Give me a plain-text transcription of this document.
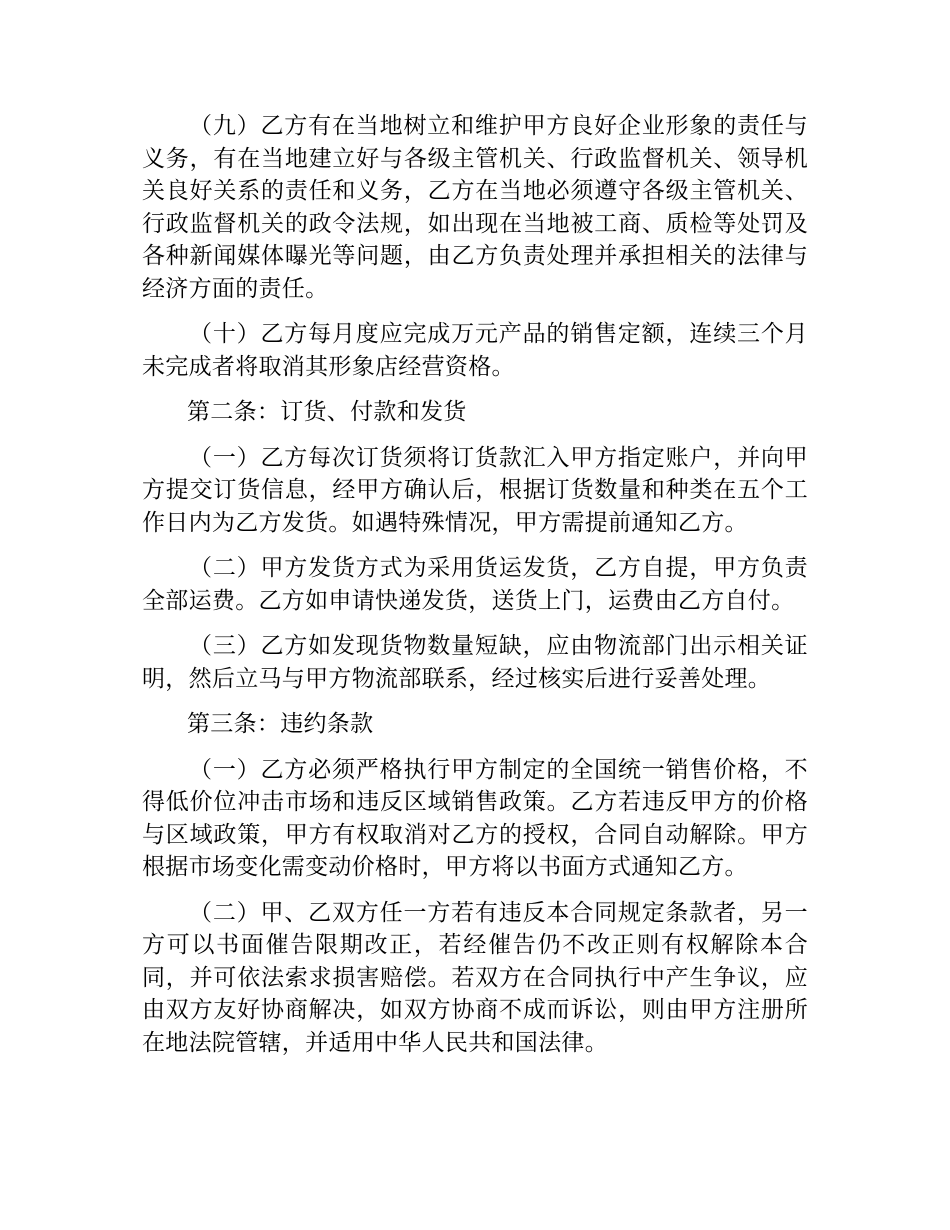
（九）乙方有在当地树立和维护甲方良好企业形象的责任与义务，有在当地建立好与各级主管机关、行政监督机关、领导机关良好关系的责任和义务，乙方在当地必须遵守各级主管机关、行政监督机关的政令法规，如出现在当地被工商、质检等处罚及各种新闻媒体曝光等问题，由乙方负责处理并承担相关的法律与经济方面的责任。

（十）乙方每月度应完成万元产品的销售定额，连续三个月未完成者将取消其形象店经营资格。

第二条：订货、付款和发货

（一）乙方每次订货须将订货款汇入甲方指定账户，并向甲方提交订货信息，经甲方确认后，根据订货数量和种类在五个工作日内为乙方发货。如遇特殊情况，甲方需提前通知乙方。

（二）甲方发货方式为采用货运发货，乙方自提，甲方负责全部运费。乙方如申请快递发货，送货上门，运费由乙方自付。

（三）乙方如发现货物数量短缺，应由物流部门出示相关证明，然后立马与甲方物流部联系，经过核实后进行妥善处理。

第三条：违约条款

（一）乙方必须严格执行甲方制定的全国统一销售价格，不得低价位冲击市场和违反区域销售政策。乙方若违反甲方的价格与区域政策，甲方有权取消对乙方的授权，合同自动解除。甲方根据市场变化需变动价格时，甲方将以书面方式通知乙方。

（二）甲、乙双方任一方若有违反本合同规定条款者，另一方可以书面催告限期改正，若经催告仍不改正则有权解除本合同，并可依法索求损害赔偿。若双方在合同执行中产生争议，应由双方友好协商解决，如双方协商不成而诉讼，则由甲方注册所在地法院管辖，并适用中华人民共和国法律。
